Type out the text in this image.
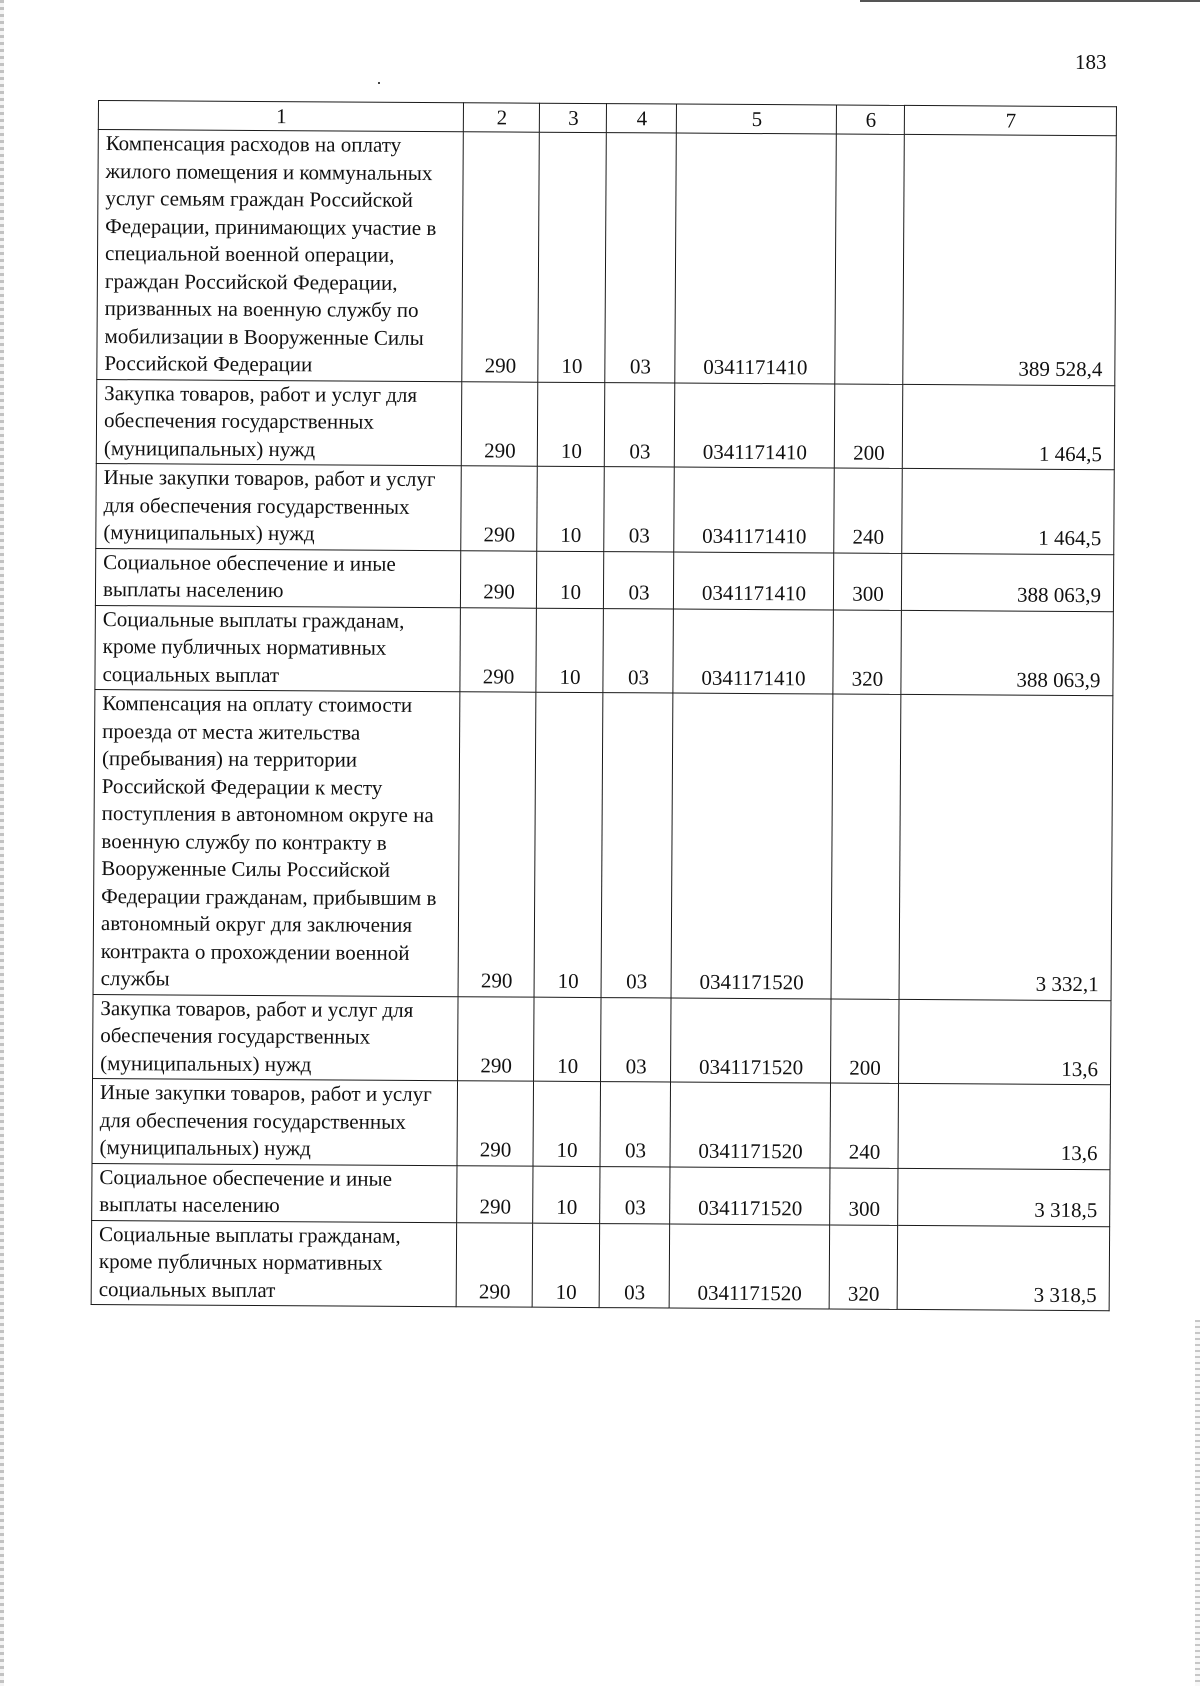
183
1	2	3	4	5	6	7
Компенсация расходов на оплату жилого помещения и коммунальных услуг семьям граждан Российской Федерации, принимающих участие в специальной военной операции, граждан Российской Федерации, призванных на военную службу по мобилизации в Вооруженные Силы Российской Федерации	290	10	03	0341171410		389 528,4
Закупка товаров, работ и услуг для обеспечения государственных (муниципальных) нужд	290	10	03	0341171410	200	1 464,5
Иные закупки товаров, работ и услуг для обеспечения государственных (муниципальных) нужд	290	10	03	0341171410	240	1 464,5
Социальное обеспечение и иные выплаты населению	290	10	03	0341171410	300	388 063,9
Социальные выплаты гражданам, кроме публичных нормативных социальных выплат	290	10	03	0341171410	320	388 063,9
Компенсация на оплату стоимости проезда от места жительства (пребывания) на территории Российской Федерации к месту поступления в автономном округе на военную службу по контракту в Вооруженные Силы Российской Федерации гражданам, прибывшим в автономный округ для заключения контракта о прохождении военной службы	290	10	03	0341171520		3 332,1
Закупка товаров, работ и услуг для обеспечения государственных (муниципальных) нужд	290	10	03	0341171520	200	13,6
Иные закупки товаров, работ и услуг для обеспечения государственных (муниципальных) нужд	290	10	03	0341171520	240	13,6
Социальное обеспечение и иные выплаты населению	290	10	03	0341171520	300	3 318,5
Социальные выплаты гражданам, кроме публичных нормативных социальных выплат	290	10	03	0341171520	320	3 318,5
